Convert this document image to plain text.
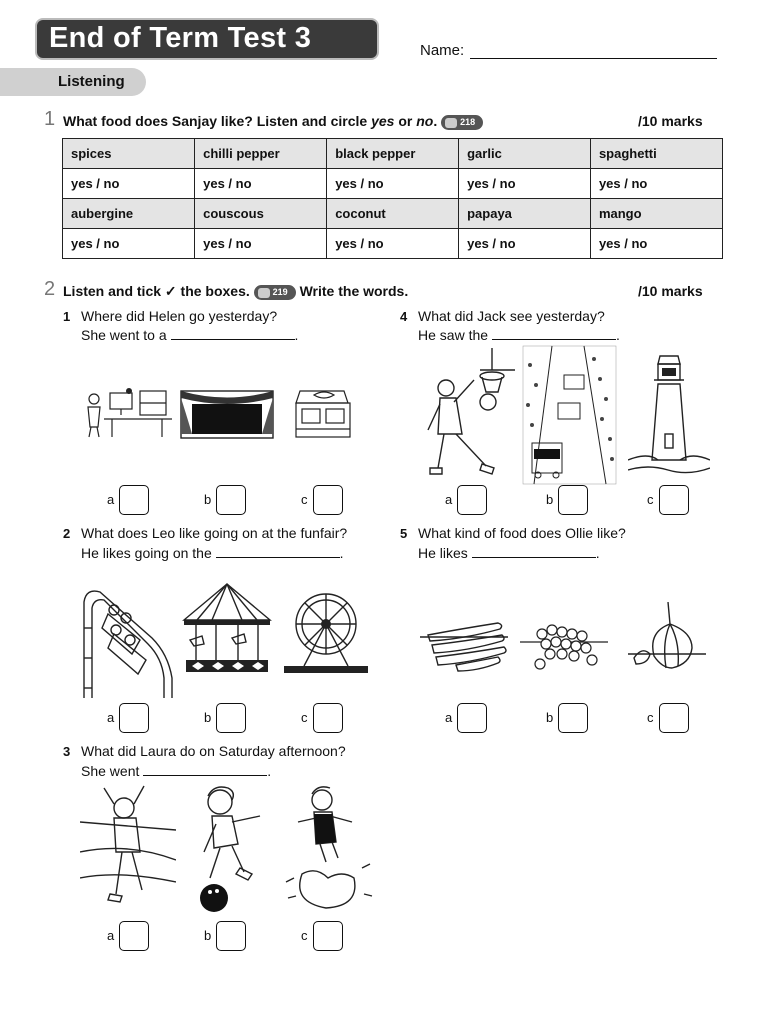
End of Term Test 3	Name:
Listening
1 What food does Sanjay like? Listen and circle yes or no.	218	/10 marks
spices	chilli pepper	black pepper	garlic	spaghetti
yes / no	yes / no	yes / no	yes / no	yes / no
aubergine	couscous	coconut	papaya	mango
yes / no	yes / no	yes / no	yes / no	yes / no
2 Listen and tick ✓ the boxes.	219 Write the words.	/10 marks
1 Where did Helen go yesterday?
She went to a	.
4 What did Jack see yesterday?
He saw the	.
2 What does Leo like going on at the funfair?
He likes going on the	.
5 What kind of food does Ollie like?
He likes	.
3 What did Laura do on Saturday afternoon?
She went	.
a	b	c	a	b	c
a	b	c	a	b	c
a	b	c
